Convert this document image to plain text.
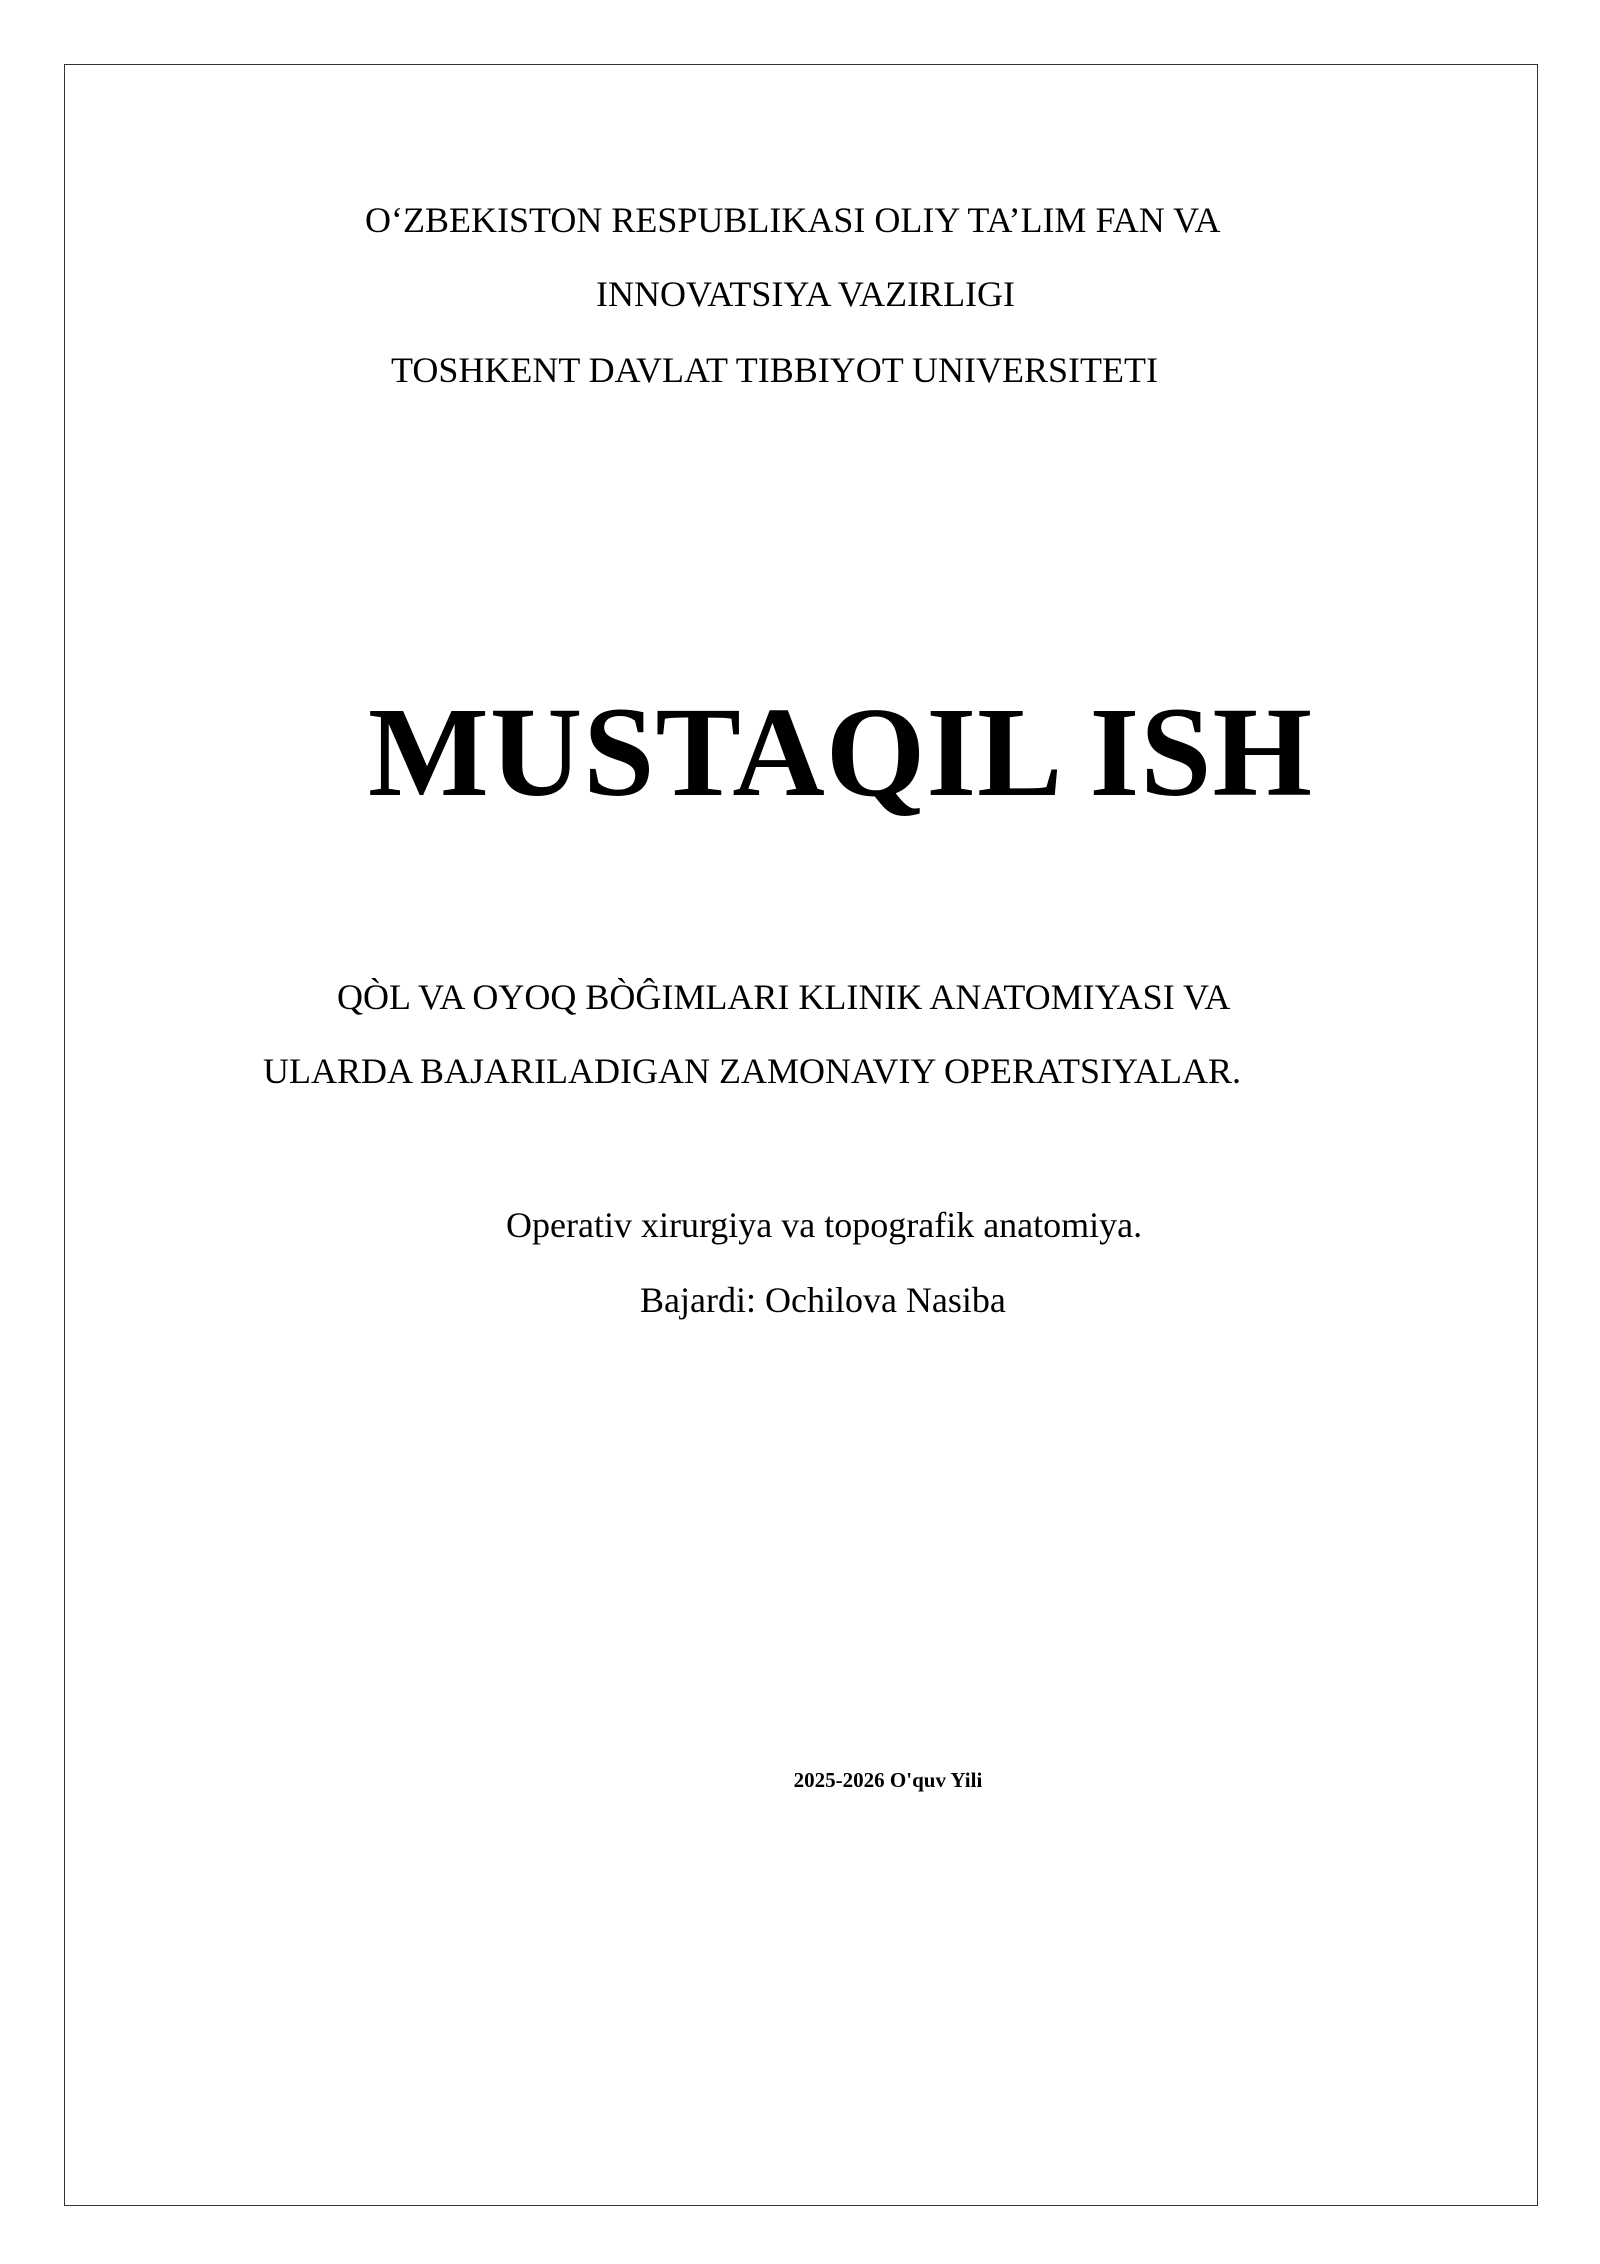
O‘ZBEKISTON RESPUBLIKASI OLIY TA’LIM FAN VA
INNOVATSIYA VAZIRLIGI
TOSHKENT DAVLAT TIBBIYOT UNIVERSITETI
MUSTAQIL ISH
QÒL VA OYOQ BÒĜIMLARI KLINIK ANATOMIYASI VA
ULARDA BAJARILADIGAN ZAMONAVIY OPERATSIYALAR.
Operativ xirurgiya va topografik anatomiya.
Bajardi: Ochilova Nasiba
2025-2026 O'quv Yili
